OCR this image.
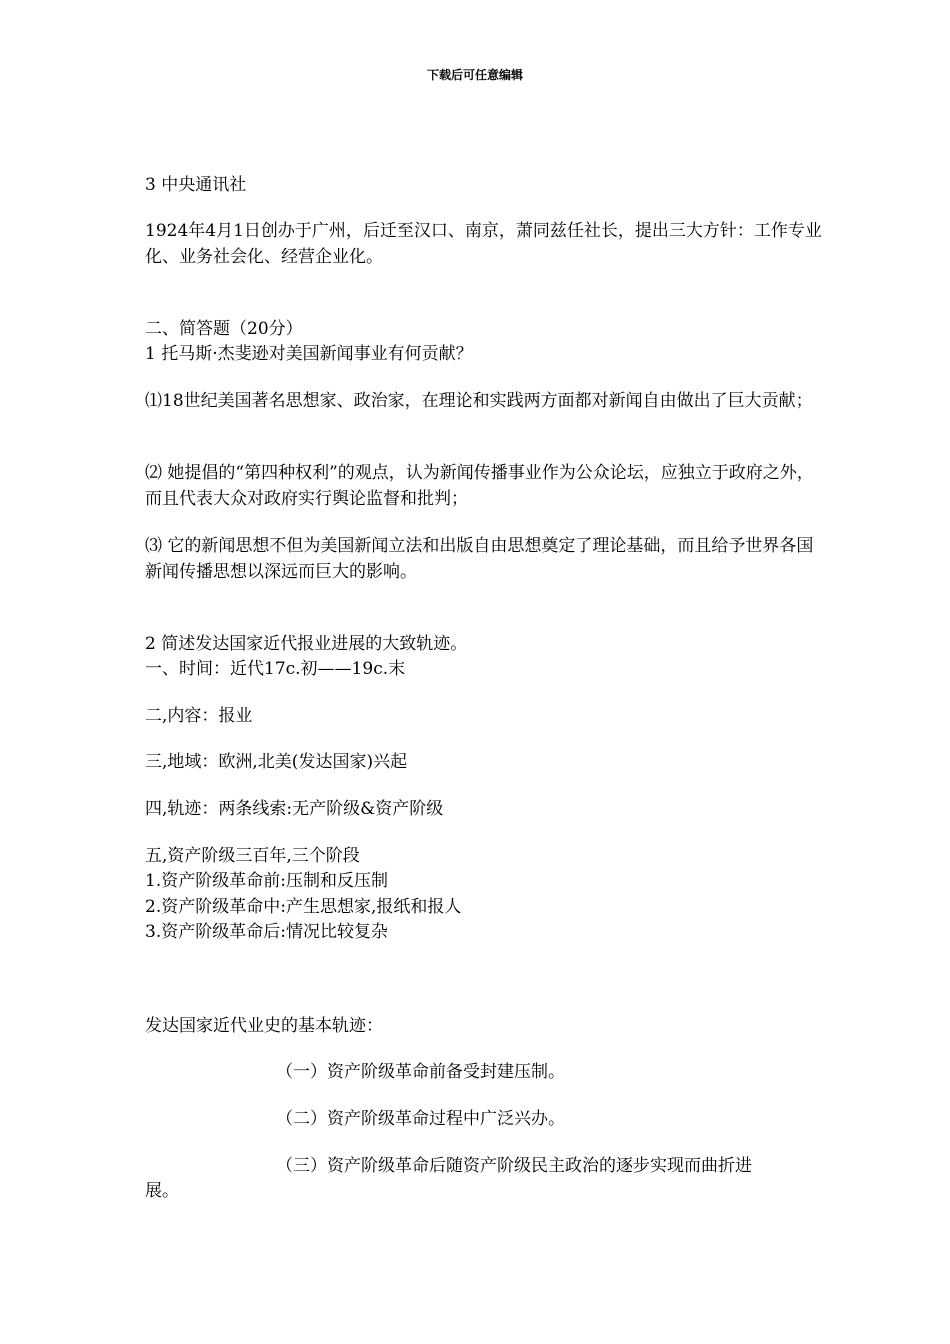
下载后可任意编辑
3 中央通讯社
1924年4月1日创办于广州，后迁至汉口、南京，萧同兹任社长，提出三大方针：工作专业化、业务社会化、经营企业化。
二、简答题（20分）
1 托马斯·杰斐逊对美国新闻事业有何贡献？
⑴18世纪美国著名思想家、政治家，在理论和实践两方面都对新闻自由做出了巨大贡献；
⑵ 她提倡的“第四种权利”的观点，认为新闻传播事业作为公众论坛，应独立于政府之外，而且代表大众对政府实行舆论监督和批判；
⑶ 它的新闻思想不但为美国新闻立法和出版自由思想奠定了理论基础，而且给予世界各国新闻传播思想以深远而巨大的影响。
2 简述发达国家近代报业进展的大致轨迹。
一、时间：近代17c.初——19c.末
二,内容：报业
三,地域：欧洲,北美(发达国家)兴起
四,轨迹：两条线索:无产阶级&资产阶级
五,资产阶级三百年,三个阶段
1.资产阶级革命前:压制和反压制
2.资产阶级革命中:产生思想家,报纸和报人
3.资产阶级革命后:情况比较复杂
发达国家近代业史的基本轨迹：
（一）资产阶级革命前备受封建压制。
（二）资产阶级革命过程中广泛兴办。
（三）资产阶级革命后随资产阶级民主政治的逐步实现而曲折进
展。
